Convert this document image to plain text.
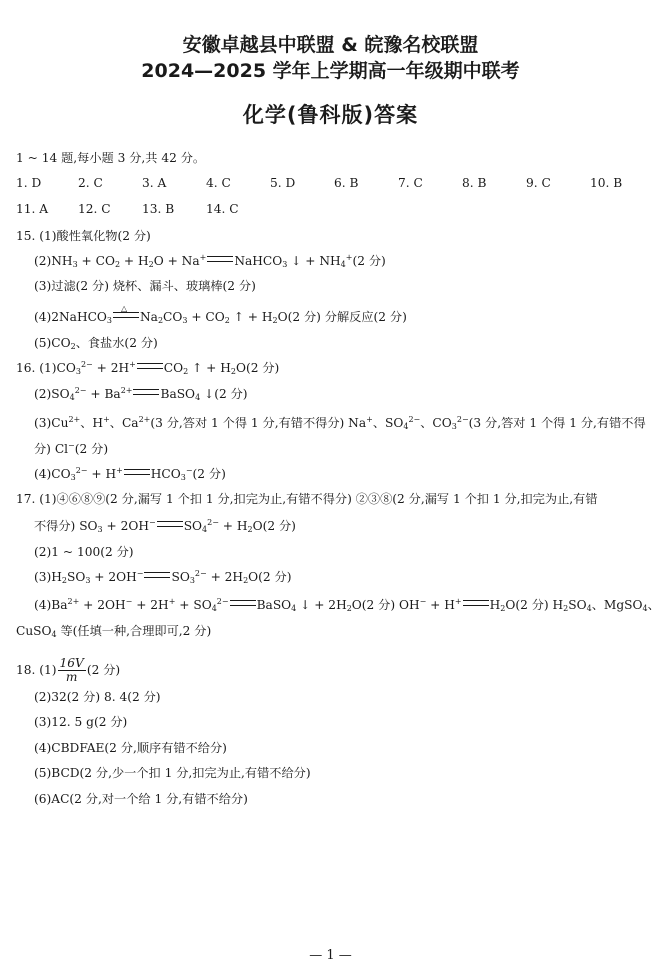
安徽卓越县中联盟 & 皖豫名校联盟
2024—2025 学年上学期高一年级期中联考
化学(鲁科版)答案
1 ~ 14 题,每小题 3 分,共 42 分。
1. D	2. C	3. A	4. C	5. D	6. B	7. C	8. B	9. C	10. B
11. A 12. C	13. B	14. C
15. (1)酸性氧化物(2 分)
$(2)NH_3 + CO_2 + H_2O + Na^+$ NaHCO$_3$ ↓ + $NH_4^+(2$ 分)
(3)过滤(2 分) 烧杯、漏斗、玻璃棒(2 分)
(4)2NaHCO$_3$
△
$Na_2CO_3 + CO_2$ ↑ + $H_2O(2$ 分) 分解反应(2 分)
$(5)CO_2$、食盐水(2 分)
16. $(1)CO_3^{2-} + 2H^+$ $CO_2$ ↑ + $H_2O(2$ 分)
$(2)SO_4^{2-} + Ba^{2+}$ BaSO$_4$ ↓(2 分)
$(3)Cu^{2+}$、H+、$Ca^{2+}(3$ 分,答对 1 个得 1 分,有错不得分) Na+、$SO_4^{2-}$、$CO_3^{2-}(3$ 分,答对 1 个得 1 分,有错不得
分) Cl−(2 分)
$(4)CO_3^{2-} + H^+$ $HCO_3^-(2$ 分)
17. (1)④⑥⑧⑨(2 分,漏写 1 个扣 1 分,扣完为止,有错不得分) ②③⑧(2 分,漏写 1 个扣 1 分,扣完为止,有错
不得分) $SO_3 + 2OH^-$ $SO_4^{2-} + H_2O(2$ 分)
(2)1 ~ 100(2 分)
$(3)H_2SO_3 + 2OH^-$ $SO_3^{2-} + 2H_2O(2$ 分)
$(4)Ba^{2+} + 2OH^- + 2H^+ + SO_4^{2-}$ BaSO$_4$ ↓ + $2H_2O(2$ 分) OH− + H+ $H_2O(2$ 分) $H_2SO_4$、MgSO$_4$、
CuSO$_4$ 等(任填一种,合理即可,2 分)
18. $(1) \frac{16V}{m} (2$ 分)
(2)32(2 分) 8. 4(2 分)
(3)12. 5 g(2 分)
(4)CBDFAE(2 分,顺序有错不给分)
(5)BCD(2 分,少一个扣 1 分,扣完为止,有错不给分)
(6)AC(2 分,对一个给 1 分,有错不给分)
— 1 —
